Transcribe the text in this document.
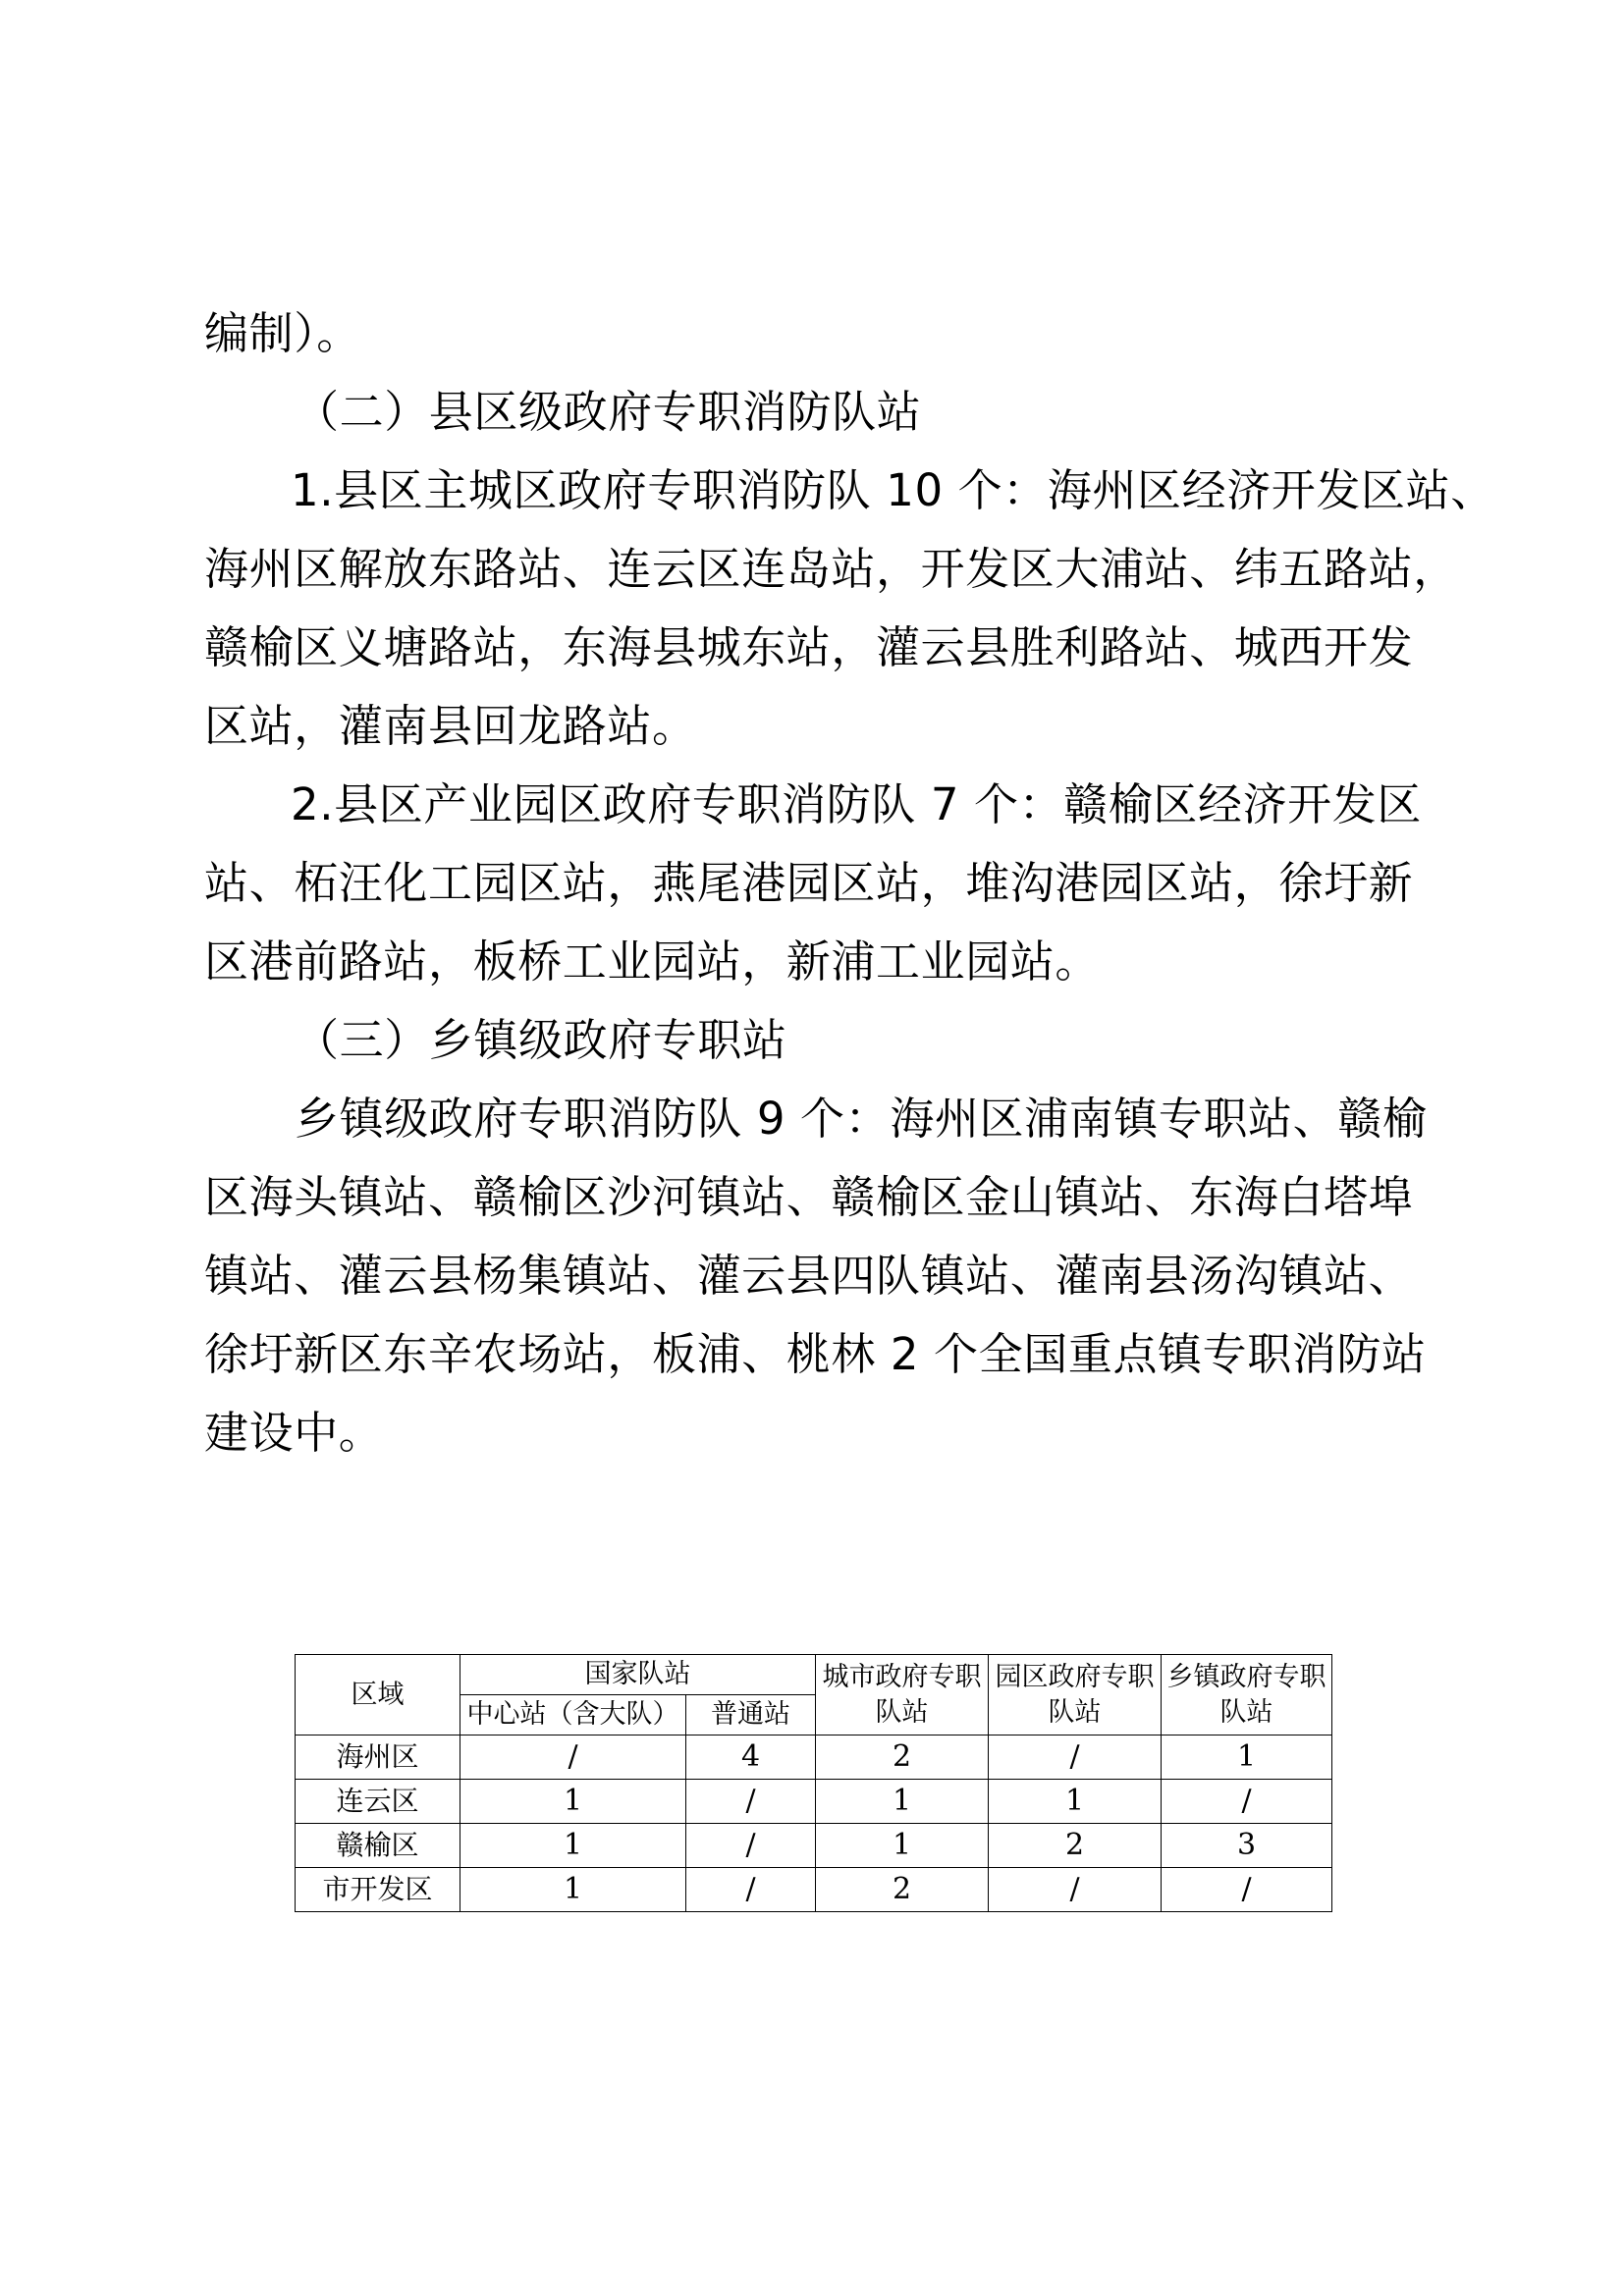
编制）。
（二）县区级政府专职消防队站
1.县区主城区政府专职消防队 10 个：海州区经济开发区站、
海州区解放东路站、连云区连岛站，开发区大浦站、纬五路站，
赣榆区义塘路站，东海县城东站，灌云县胜利路站、城西开发
区站，灌南县回龙路站。
2.县区产业园区政府专职消防队 7 个：赣榆区经济开发区
站、柘汪化工园区站，燕尾港园区站，堆沟港园区站，徐圩新
区港前路站，板桥工业园站，新浦工业园站。
（三）乡镇级政府专职站
乡镇级政府专职消防队 9 个：海州区浦南镇专职站、赣榆
区海头镇站、赣榆区沙河镇站、赣榆区金山镇站、东海白塔埠
镇站、灌云县杨集镇站、灌云县四队镇站、灌南县汤沟镇站、
徐圩新区东辛农场站，板浦、桃林 2 个全国重点镇专职消防站
建设中。
区域	国家队站		城市政府专职队站	园区政府专职队站	乡镇政府专职队站
	中心站（含大队）	普通站			
海州区	/	4	2	/	1
连云区	1	/	1	1	/
赣榆区	1	/	1	2	3
市开发区	1	/	2	/	/
